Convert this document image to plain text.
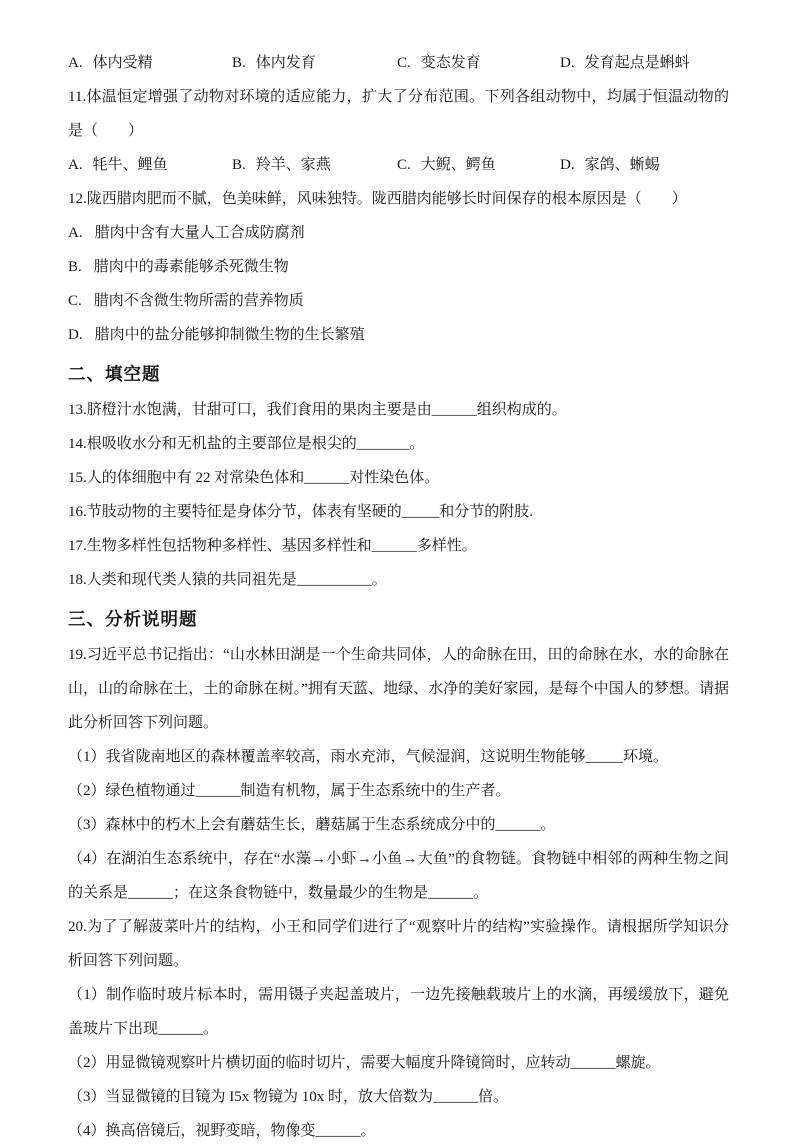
A. 体内受精	B. 体内发育	C. 变态发育	D. 发育起点是蝌蚪

11.体温恒定增强了动物对环境的适应能力，扩大了分布范围。下列各组动物中，均属于恒温动物的是（　　）

A. 牦牛、鲤鱼	B. 羚羊、家燕	C. 大鲵、鳄鱼	D. 家鸽、蜥蜴

12.陇西腊肉肥而不腻，色美味鲜，风味独特。陇西腊肉能够长时间保存的根本原因是（　　）

A. 腊肉中含有大量人工合成防腐剂

B. 腊肉中的毒素能够杀死微生物

C. 腊肉不含微生物所需的营养物质

D. 腊肉中的盐分能够抑制微生物的生长繁殖

二、填空题

13.脐橙汁水饱满，甘甜可口，我们食用的果肉主要是由______组织构成的。

14.根吸收水分和无机盐的主要部位是根尖的_______。

15.人的体细胞中有 22 对常染色体和______对性染色体。

16.节肢动物的主要特征是身体分节，体表有坚硬的_____和分节的附肢.

17.生物多样性包括物种多样性、基因多样性和______多样性。

18.人类和现代类人猿的共同祖先是__________。

三、分析说明题

19.习近平总书记指出：“山水林田湖是一个生命共同体，人的命脉在田，田的命脉在水，水的命脉在山，山的命脉在土，土的命脉在树。”拥有天蓝、地绿、水净的美好家园，是每个中国人的梦想。请据此分析回答下列问题。

（1）我省陇南地区的森林覆盖率较高，雨水充沛，气候湿润，这说明生物能够_____环境。

（2）绿色植物通过______制造有机物，属于生态系统中的生产者。

（3）森林中的朽木上会有蘑菇生长，蘑菇属于生态系统成分中的______。

（4）在湖泊生态系统中，存在“水藻→小虾→小鱼→大鱼”的食物链。食物链中相邻的两种生物之间的关系是______；在这条食物链中，数量最少的生物是______。

20.为了了解菠菜叶片的结构，小王和同学们进行了“观察叶片的结构”实验操作。请根据所学知识分析回答下列问题。

（1）制作临时玻片标本时，需用镊子夹起盖玻片，一边先接触载玻片上的水滴，再缓缓放下，避免盖玻片下出现______。

（2）用显微镜观察叶片横切面的临时切片，需要大幅度升降镜筒时，应转动______螺旋。

（3）当显微镜的目镜为 I5x 物镜为 10x 时，放大倍数为______倍。

（4）换高倍镜后，视野变暗，物像变______。
